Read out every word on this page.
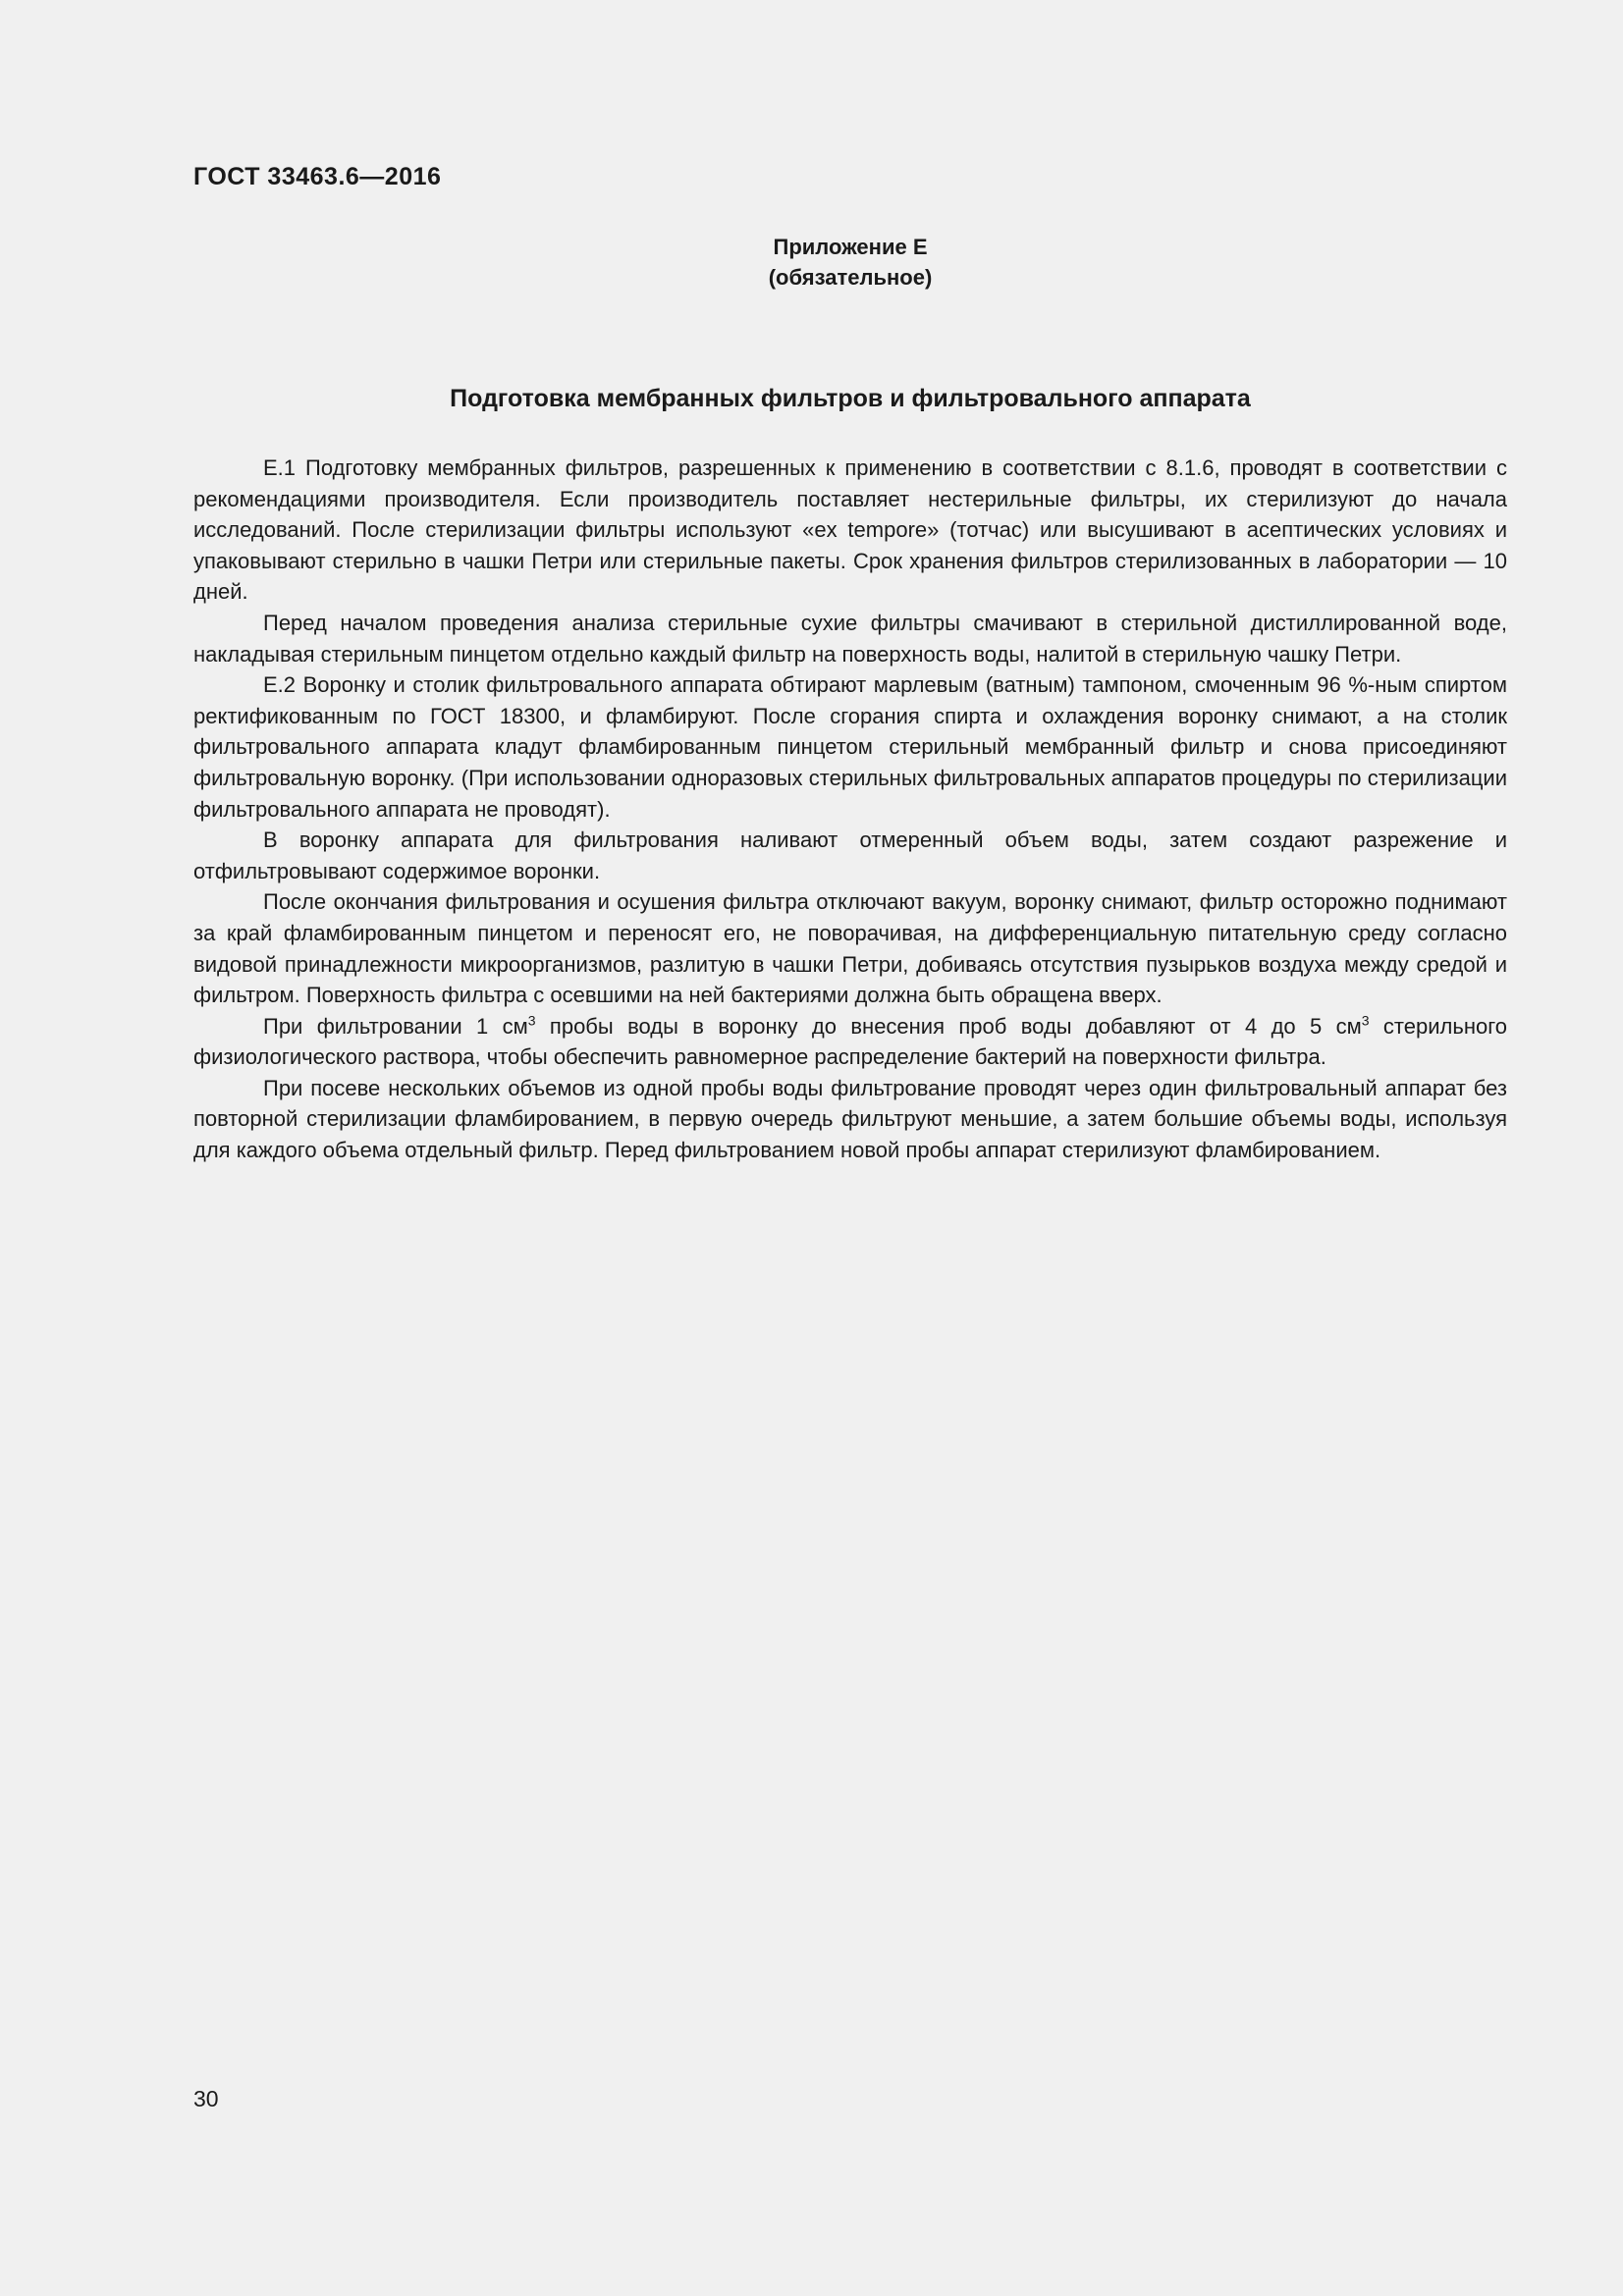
ГОСТ 33463.6—2016

Приложение Е
(обязательное)
Подготовка мембранных фильтров и фильтровального аппарата

Е.1 Подготовку мембранных фильтров, разрешенных к применению в соответствии с 8.1.6, проводят в соответствии с рекомендациями производителя. Если производитель поставляет нестерильные фильтры, их стерилизуют до начала исследований. После стерилизации фильтры используют «ex tempore» (тотчас) или высушивают в асептических условиях и упаковывают стерильно в чашки Петри или стерильные пакеты. Срок хранения фильтров стерилизованных в лаборатории — 10 дней.

Перед началом проведения анализа стерильные сухие фильтры смачивают в стерильной дистиллированной воде, накладывая стерильным пинцетом отдельно каждый фильтр на поверхность воды, налитой в стерильную чашку Петри.

Е.2 Воронку и столик фильтровального аппарата обтирают марлевым (ватным) тампоном, смоченным 96 %-ным спиртом ректификованным по ГОСТ 18300, и фламбируют. После сгорания спирта и охлаждения воронку снимают, а на столик фильтровального аппарата кладут фламбированным пинцетом стерильный мембранный фильтр и снова присоединяют фильтровальную воронку. (При использовании одноразовых стерильных фильтровальных аппаратов процедуры по стерилизации фильтровального аппарата не проводят).

В воронку аппарата для фильтрования наливают отмеренный объем воды, затем создают разрежение и отфильтровывают содержимое воронки.

После окончания фильтрования и осушения фильтра отключают вакуум, воронку снимают, фильтр осторожно поднимают за край фламбированным пинцетом и переносят его, не поворачивая, на дифференциальную питательную среду согласно видовой принадлежности микроорганизмов, разлитую в чашки Петри, добиваясь отсутствия пузырьков воздуха между средой и фильтром. Поверхность фильтра с осевшими на ней бактериями должна быть обращена вверх.

При фильтровании 1 $см^3$ пробы воды в воронку до внесения проб воды добавляют от 4 до 5 $см^3$ стерильного физиологического раствора, чтобы обеспечить равномерное распределение бактерий на поверхности фильтра.

При посеве нескольких объемов из одной пробы воды фильтрование проводят через один фильтровальный аппарат без повторной стерилизации фламбированием, в первую очередь фильтруют меньшие, а затем большие объемы воды, используя для каждого объема отдельный фильтр. Перед фильтрованием новой пробы аппарат стерилизуют фламбированием.

30
